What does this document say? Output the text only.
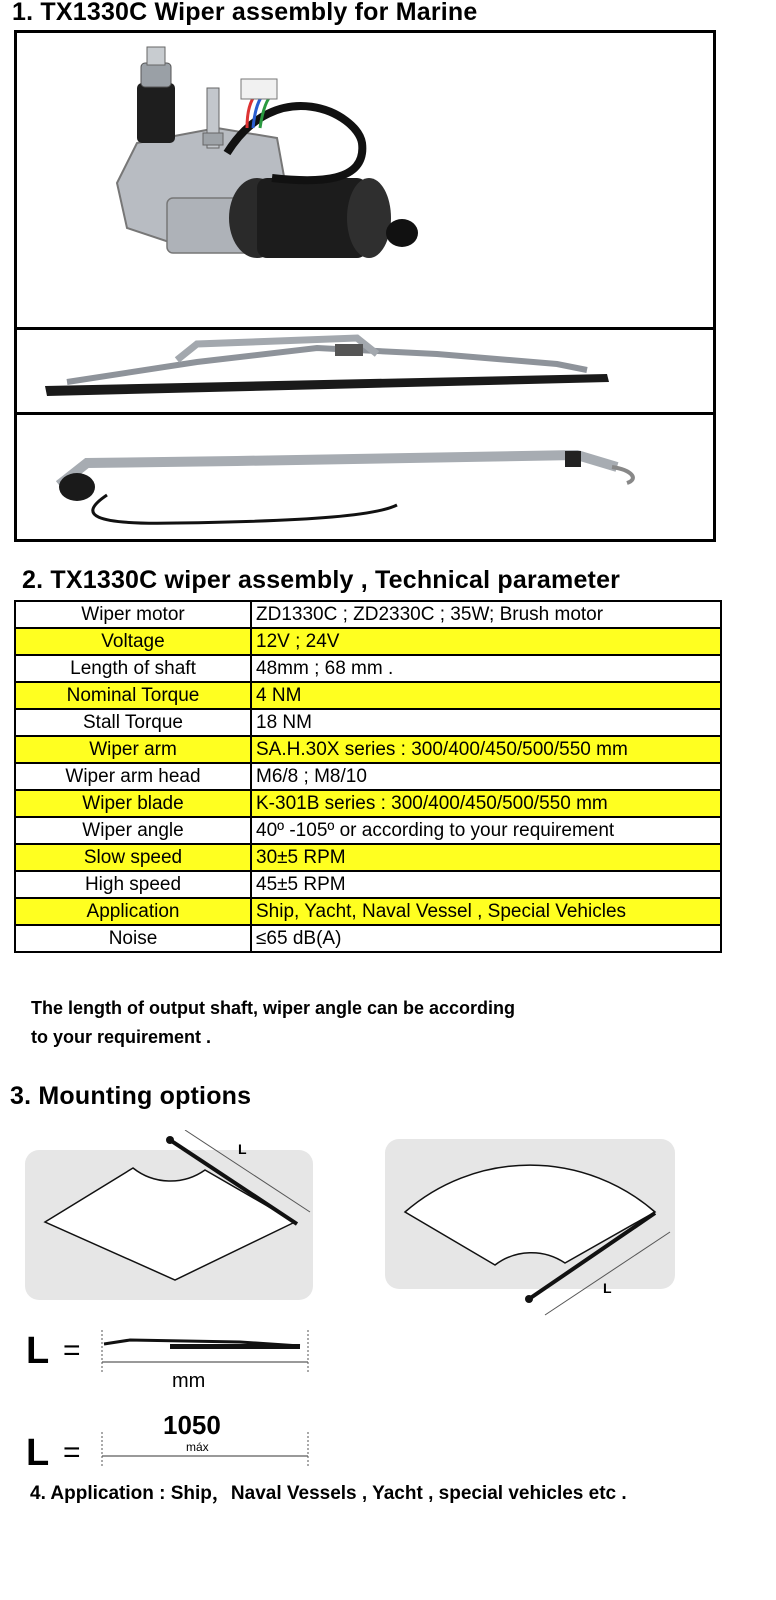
1. TX1330C Wiper assembly for Marine
2. TX1330C wiper assembly , Technical parameter
Wiper motor	ZD1330C ; ZD2330C ; 35W; Brush motor
Voltage	12V ; 24V
Length of shaft	48mm ; 68 mm .
Nominal Torque	4 NM
Stall Torque	18 NM
Wiper arm	SA.H.30X series : 300/400/450/500/550 mm
Wiper arm head	M6/8 ; M8/10
Wiper blade	K-301B series : 300/400/450/500/550 mm
Wiper angle	40º -105º or according to your requirement
Slow speed	30±5 RPM
High speed	45±5 RPM
Application	Ship, Yacht, Naval Vessel , Special Vehicles
Noise	≤65 dB(A)
The length of output shaft, wiper angle can be according
to your requirement .
3. Mounting options
L
L
L =
mm
1050
máx
L =
4. Application : Ship，Naval Vessels , Yacht , special vehicles etc .
